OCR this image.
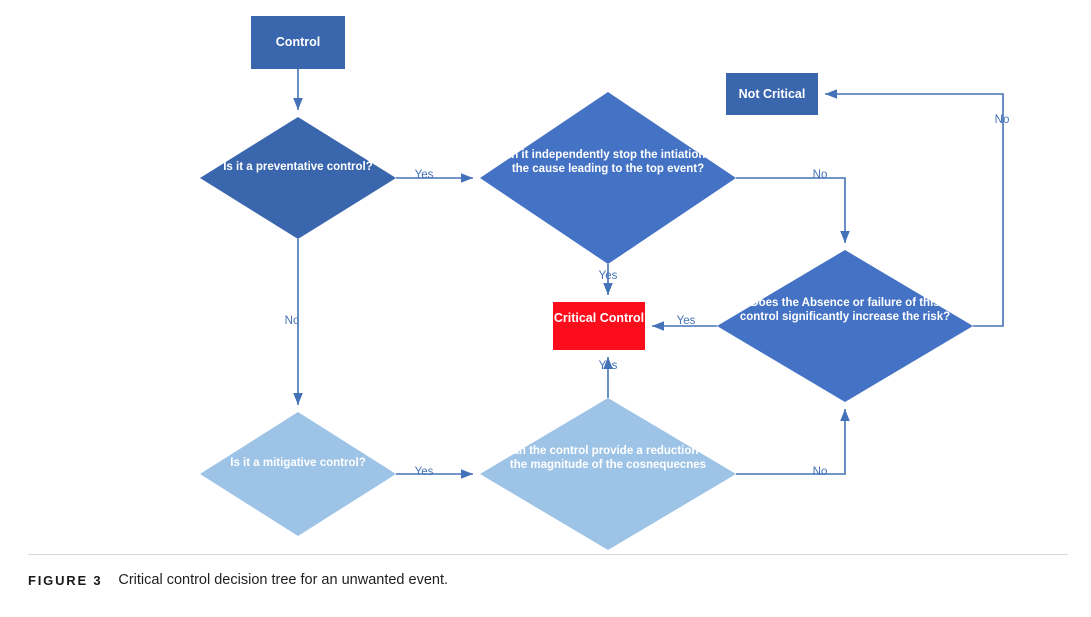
Control
Not Critical
Is it a preventative control?
Can it independently stop the intiation of the cause leading to the top event?
Does the Absence or failure of this control significantly increase the risk?
Critical Control
Is it a mitigative control?
Can the control provide a reduction in the magnitude of the cosnequecnes
Yes
No
No
Yes
Yes
No
Yes	No
Yes
FIGURE 3 Critical control decision tree for an unwanted event.
